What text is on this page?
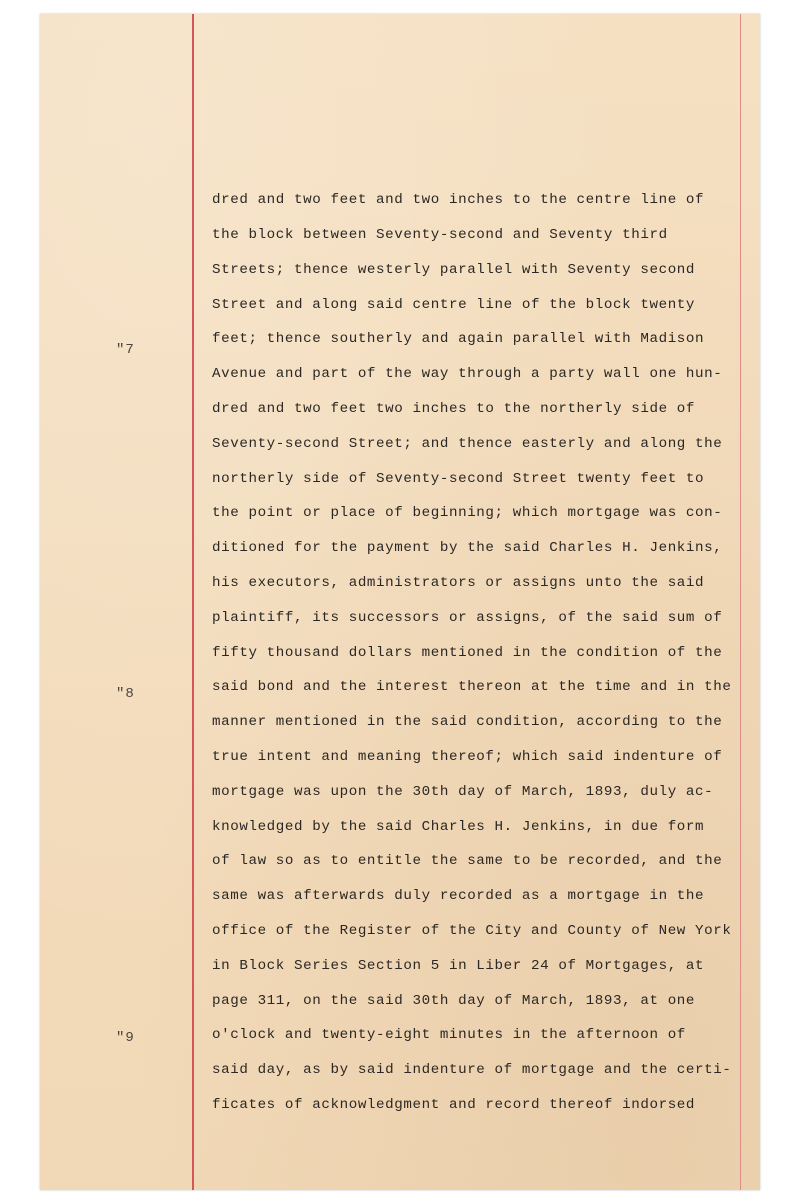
"7
"8
"9
dred and two feet and two inches to the centre line of
the block between Seventy-second and Seventy third
Streets; thence westerly parallel with Seventy second
Street and along said centre line of the block twenty
feet; thence southerly and again parallel with Madison
Avenue and part of the way through a party wall one hun-
dred and two feet two inches to the northerly side of
Seventy-second Street; and thence easterly and along the
northerly side of Seventy-second Street twenty feet to
the point or place of beginning; which mortgage was con-
ditioned for the payment by the said Charles H. Jenkins,
his executors, administrators or assigns unto the said
plaintiff, its successors or assigns, of the said sum of
fifty thousand dollars mentioned in the condition of the
said bond and the interest thereon at the time and in the
manner mentioned in the said condition, according to the
true intent and meaning thereof; which said indenture of
mortgage was upon the 30th day of March, 1893, duly ac-
knowledged by the said Charles H. Jenkins, in due form
of law so as to entitle the same to be recorded, and the
same was afterwards duly recorded as a mortgage in the
office of the Register of the City and County of New York
in Block Series Section 5 in Liber 24 of Mortgages, at
page 311, on the said 30th day of March, 1893, at one
o'clock and twenty-eight minutes in the afternoon of
said day, as by said indenture of mortgage and the certi-
ficates of acknowledgment and record thereof indorsed
